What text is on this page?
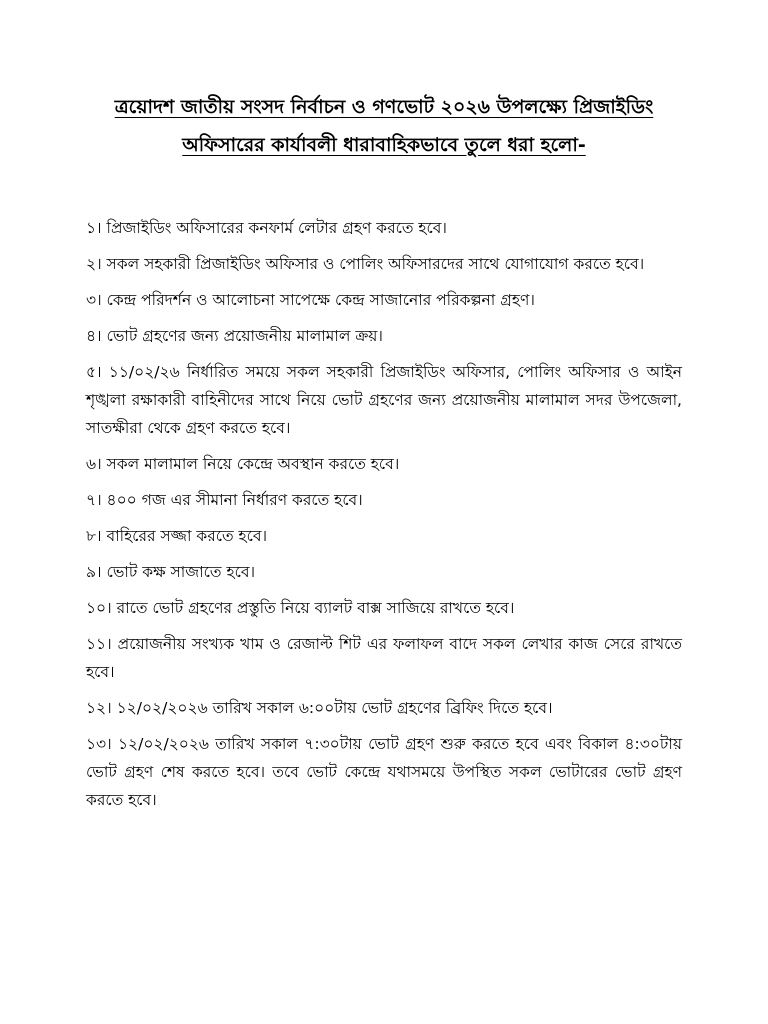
ত্রয়োদশ জাতীয় সংসদ নির্বাচন ও গণভোট ২০২৬ উপলক্ষ্যে প্রিজাইডিং
অফিসারের কার্যাবলী ধারাবাহিকভাবে তুলে ধরা হলো-

১। প্রিজাইডিং অফিসারের কনফার্ম লেটার গ্রহণ করতে হবে।

২। সকল সহকারী প্রিজাইডিং অফিসার ও পোলিং অফিসারদের সাথে যোগাযোগ করতে হবে।

৩। কেন্দ্র পরিদর্শন ও আলোচনা সাপেক্ষে কেন্দ্র সাজানোর পরিকল্পনা গ্রহণ।

৪। ভোট গ্রহণের জন্য প্রয়োজনীয় মালামাল ক্রয়।

৫। ১১/০২/২৬ নির্ধারিত সময়ে সকল সহকারী প্রিজাইডিং অফিসার, পোলিং অফিসার ও আইন শৃঙ্খলা রক্ষাকারী বাহিনীদের সাথে নিয়ে ভোট গ্রহণের জন্য প্রয়োজনীয় মালামাল সদর উপজেলা, সাতক্ষীরা থেকে গ্রহণ করতে হবে।

৬। সকল মালামাল নিয়ে কেন্দ্রে অবস্থান করতে হবে।

৭। ৪০০ গজ এর সীমানা নির্ধারণ করতে হবে।

৮। বাহিরের সজ্জা করতে হবে।

৯। ভোট কক্ষ সাজাতে হবে।

১০। রাতে ভোট গ্রহণের প্রস্তুতি নিয়ে ব্যালট বাক্স সাজিয়ে রাখতে হবে।

১১। প্রয়োজনীয় সংখ্যক খাম ও রেজাল্ট শিট এর ফলাফল বাদে সকল লেখার কাজ সেরে রাখতে হবে।

১২। ১২/০২/২০২৬ তারিখ সকাল ৬:০০টায় ভোট গ্রহণের ব্রিফিং দিতে হবে।

১৩। ১২/০২/২০২৬ তারিখ সকাল ৭:৩০টায় ভোট গ্রহণ শুরু করতে হবে এবং বিকাল ৪:৩০টায় ভোট গ্রহণ শেষ করতে হবে। তবে ভোট কেন্দ্রে যথাসময়ে উপস্থিত সকল ভোটারের ভোট গ্রহণ করতে হবে।
